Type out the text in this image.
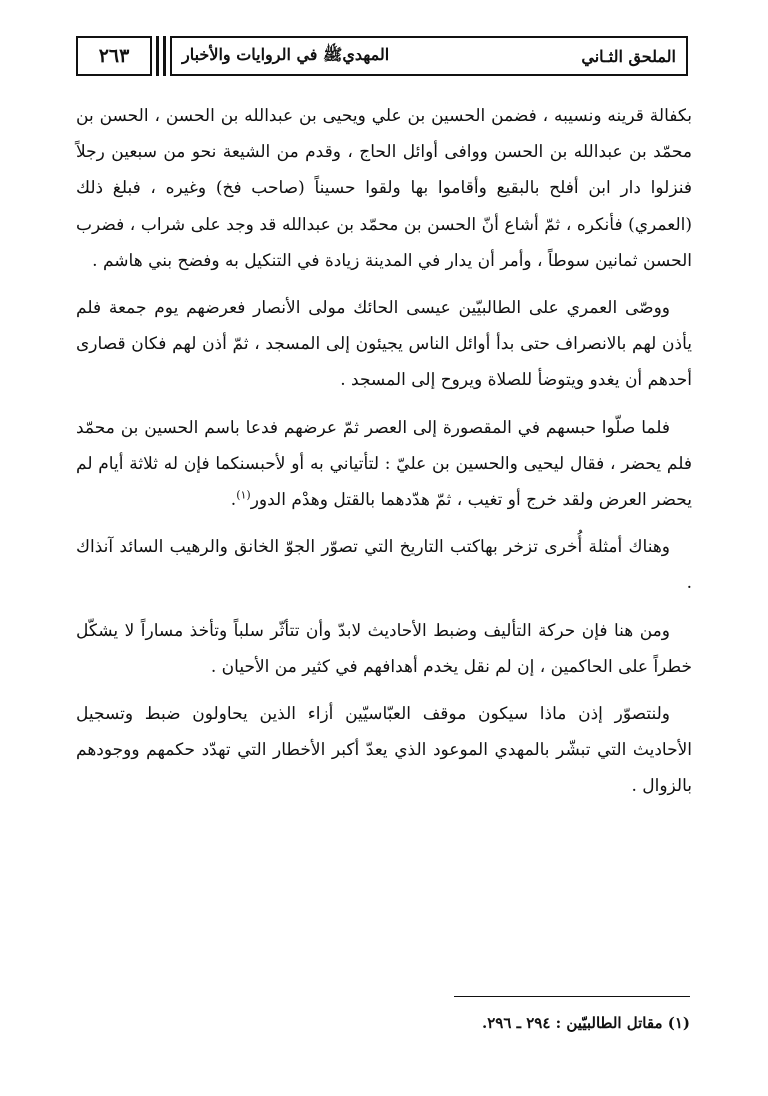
٢٦٣	الملحق الثـاني
المهديﷺ في الروايات والأخبار

بكفالة قرينه ونسيبه ، فضمن الحسين بن علي ويحيى بن عبدالله بن الحسن ، الحسن بن محمّد بن عبدالله بن الحسن ووافى أوائل الحاج ، وقدم من الشيعة نحو من سبعين رجلاً فنزلوا دار ابن أفلح بالبقيع وأقاموا بها ولقوا حسيناً (صاحب فخ) وغيره ، فبلغ ذلك (العمري) فأنكره ، ثمّ أشاع أنّ الحسن بن محمّد بن عبدالله قد وجد على شراب ، فضرب الحسن ثمانين سوطاً ، وأمر أن يدار في المدينة زيادة في التنكيل به وفضح بني هاشم .

ووصّى العمري على الطالبيّين عيسى الحائك مولى الأنصار فعرضهم يوم جمعة فلم يأذن لهم بالانصراف حتى بدأ أوائل الناس يجيئون إلى المسجد ، ثمّ أذن لهم فكان قصارى أحدهم أن يغدو ويتوضأ للصلاة ويروح إلى المسجد .

فلما صلّوا حبسهم في المقصورة إلى العصر ثمّ عرضهم فدعا باسم الحسين بن محمّد فلم يحضر ، فقال ليحيى والحسين بن عليّ : لتأتياني به أو لأحبسنكما فإن له ثلاثة أيام لم يحضر العرض ولقد خرج أو تغيب ، ثمّ هدّدهما بالقتل وهدْم الدور$^{(١)}$.

وهناك أمثلة أُخرى تزخر بهاكتب التاريخ التي تصوّر الجوّ الخانق والرهيب السائد آنذاك .

ومن هنا فإن حركة التأليف وضبط الأحاديث لابدّ وأن تتأثّر سلباً وتأخذ مساراً لا يشكّل خطراً على الحاكمين ، إن لم نقل يخدم أهدافهم في كثير من الأحيان .

ولنتصوّر إذن ماذا سيكون موقف العبّاسيّين أزاء الذين يحاولون ضبط وتسجيل الأحاديث التي تبشّر بالمهدي الموعود الذي يعدّ أكبر الأخطار التي تهدّد حكمهم ووجودهم بالزوال .

(١) مقاتل الطالبيّين : ٢٩٤ ـ ٢٩٦.
